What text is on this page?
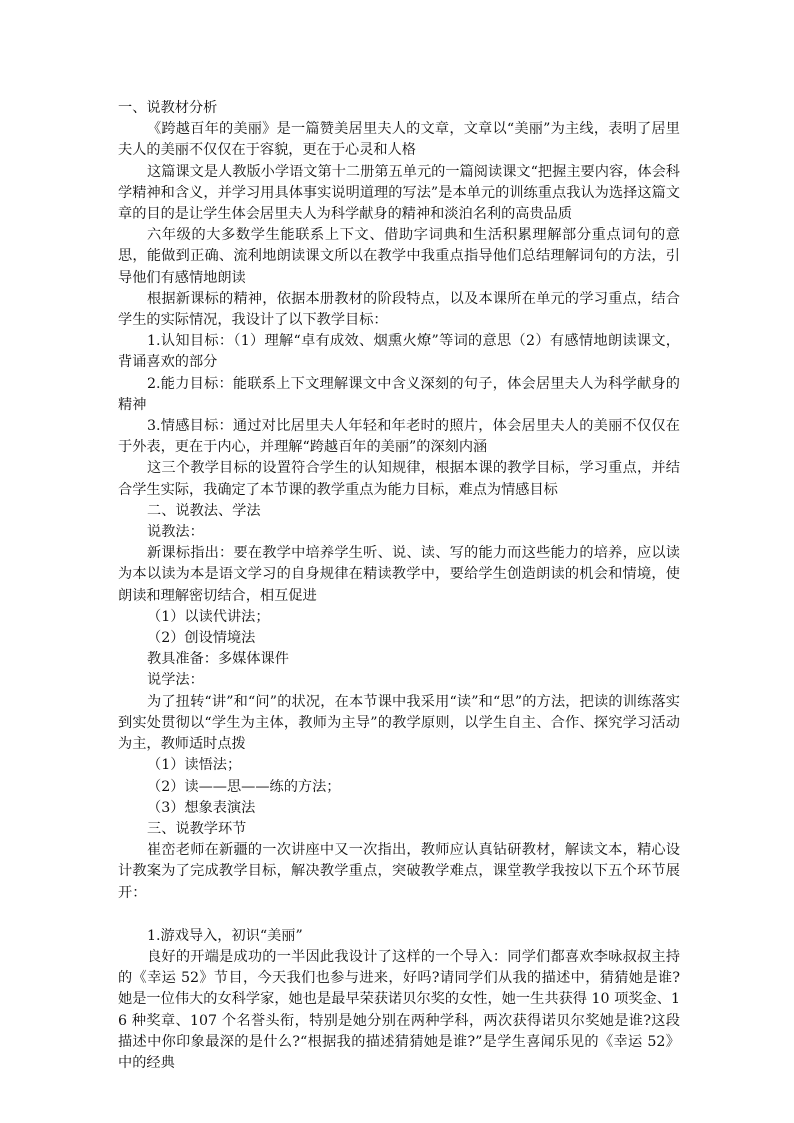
一、说教材分析

《跨越百年的美丽》是一篇赞美居里夫人的文章，文章以“美丽”为主线，表明了居里夫人的美丽不仅仅在于容貌，更在于心灵和人格

这篇课文是人教版小学语文第十二册第五单元的一篇阅读课文“把握主要内容，体会科学精神和含义，并学习用具体事实说明道理的写法”是本单元的训练重点我认为选择这篇文章的目的是让学生体会居里夫人为科学献身的精神和淡泊名利的高贵品质

六年级的大多数学生能联系上下文、借助字词典和生活积累理解部分重点词句的意思，能做到正确、流利地朗读课文所以在教学中我重点指导他们总结理解词句的方法，引导他们有感情地朗读

根据新课标的精神，依据本册教材的阶段特点，以及本课所在单元的学习重点，结合学生的实际情况，我设计了以下教学目标：

1.认知目标：（1）理解“卓有成效、烟熏火燎”等词的意思（2）有感情地朗读课文，背诵喜欢的部分

2.能力目标：能联系上下文理解课文中含义深刻的句子，体会居里夫人为科学献身的精神

3.情感目标：通过对比居里夫人年轻和年老时的照片，体会居里夫人的美丽不仅仅在于外表，更在于内心，并理解“跨越百年的美丽”的深刻内涵

这三个教学目标的设置符合学生的认知规律，根据本课的教学目标，学习重点，并结合学生实际，我确定了本节课的教学重点为能力目标，难点为情感目标

二、说教法、学法

说教法：

新课标指出：要在教学中培养学生听、说、读、写的能力而这些能力的培养，应以读为本以读为本是语文学习的自身规律在精读教学中，要给学生创造朗读的机会和情境，使朗读和理解密切结合，相互促进

（1）以读代讲法；

（2）创设情境法

教具准备：多媒体课件

说学法：

为了扭转“讲”和“问”的状况，在本节课中我采用“读”和“思”的方法，把读的训练落实到实处贯彻以“学生为主体，教师为主导”的教学原则，以学生自主、合作、探究学习活动为主，教师适时点拨

（1）读悟法；

（2）读——思——练的方法；

（3）想象表演法

三、说教学环节

崔峦老师在新疆的一次讲座中又一次指出，教师应认真钻研教材，解读文本，精心设计教案为了完成教学目标，解决教学重点，突破教学难点，课堂教学我按以下五个环节展开：

1.游戏导入，初识“美丽”

良好的开端是成功的一半因此我设计了这样的一个导入：同学们都喜欢李咏叔叔主持的《幸运 52》节目，今天我们也参与进来，好吗?请同学们从我的描述中，猜猜她是谁?她是一位伟大的女科学家，她也是最早荣获诺贝尔奖的女性，她一生共获得 10 项奖金、16 种奖章、107 个名誉头衔，特别是她分别在两种学科，两次获得诺贝尔奖她是谁?这段描述中你印象最深的是什么?“根据我的描述猜猜她是谁?”是学生喜闻乐见的《幸运 52》中的经典
